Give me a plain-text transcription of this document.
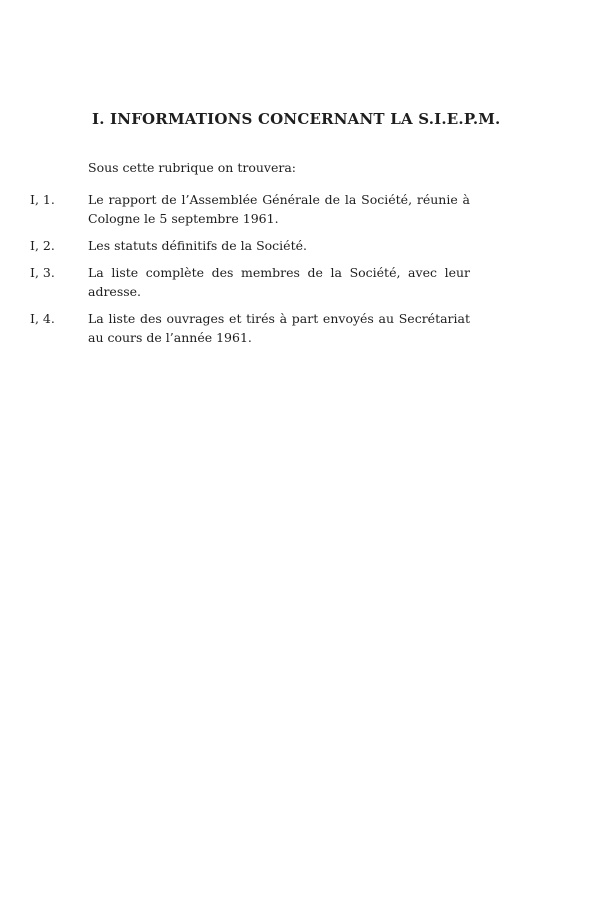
I. INFORMATIONS CONCERNANT LA S.I.E.P.M.

Sous cette rubrique on trouvera:

I, 1.	Le rapport de l’Assemblée Générale de la Société, réunie à Cologne le 5 septembre 1961.
I, 2.	Les statuts définitifs de la Société.
I, 3.	La liste complète des membres de la Société, avec leur adresse.
I, 4.	La liste des ouvrages et tirés à part envoyés au Secrétariat au cours de l’année 1961.
